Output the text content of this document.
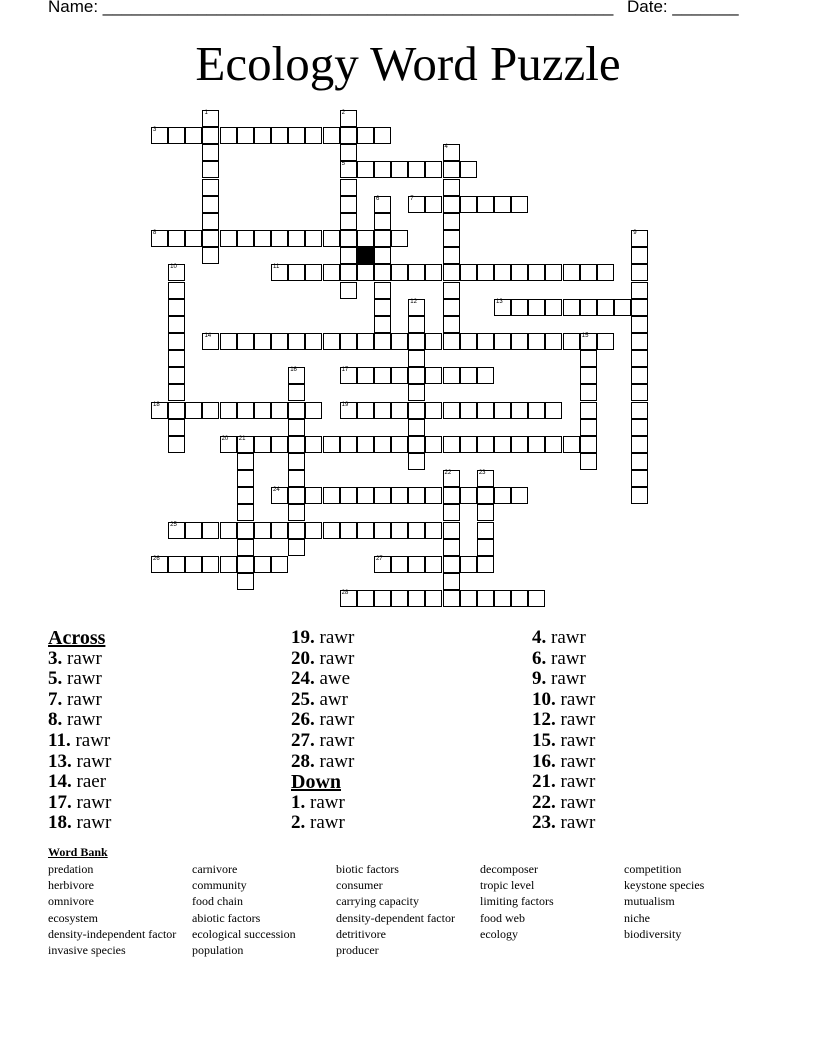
Name: ______________________________________________________ Date: _______
Ecology Word Puzzle
3
5
7
8
11
13
14	15
17
18	19
20 21
24
25
26	27
28
1	2
4
6
9
10
12
16
22	23
Across
3. rawr
5. rawr
7. rawr
8. rawr
11. rawr
13. rawr
14. raer
17. rawr
18. rawr
19. rawr
20. rawr
24. awe
25. awr
26. rawr
27. rawr
28. rawr
Down
1. rawr
2. rawr
4. rawr
6. rawr
9. rawr
10. rawr
12. rawr
15. rawr
16. rawr
21. rawr
22. rawr
23. rawr
Word Bank
predation
herbivore
omnivore
ecosystem
density-independent factor
invasive species
carnivore
community
food chain
abiotic factors
ecological succession
population
biotic factors
consumer
carrying capacity
density-dependent factor
detritivore
producer
decomposer
tropic level
limiting factors
food web
ecology
competition
keystone species
mutualism
niche
biodiversity
